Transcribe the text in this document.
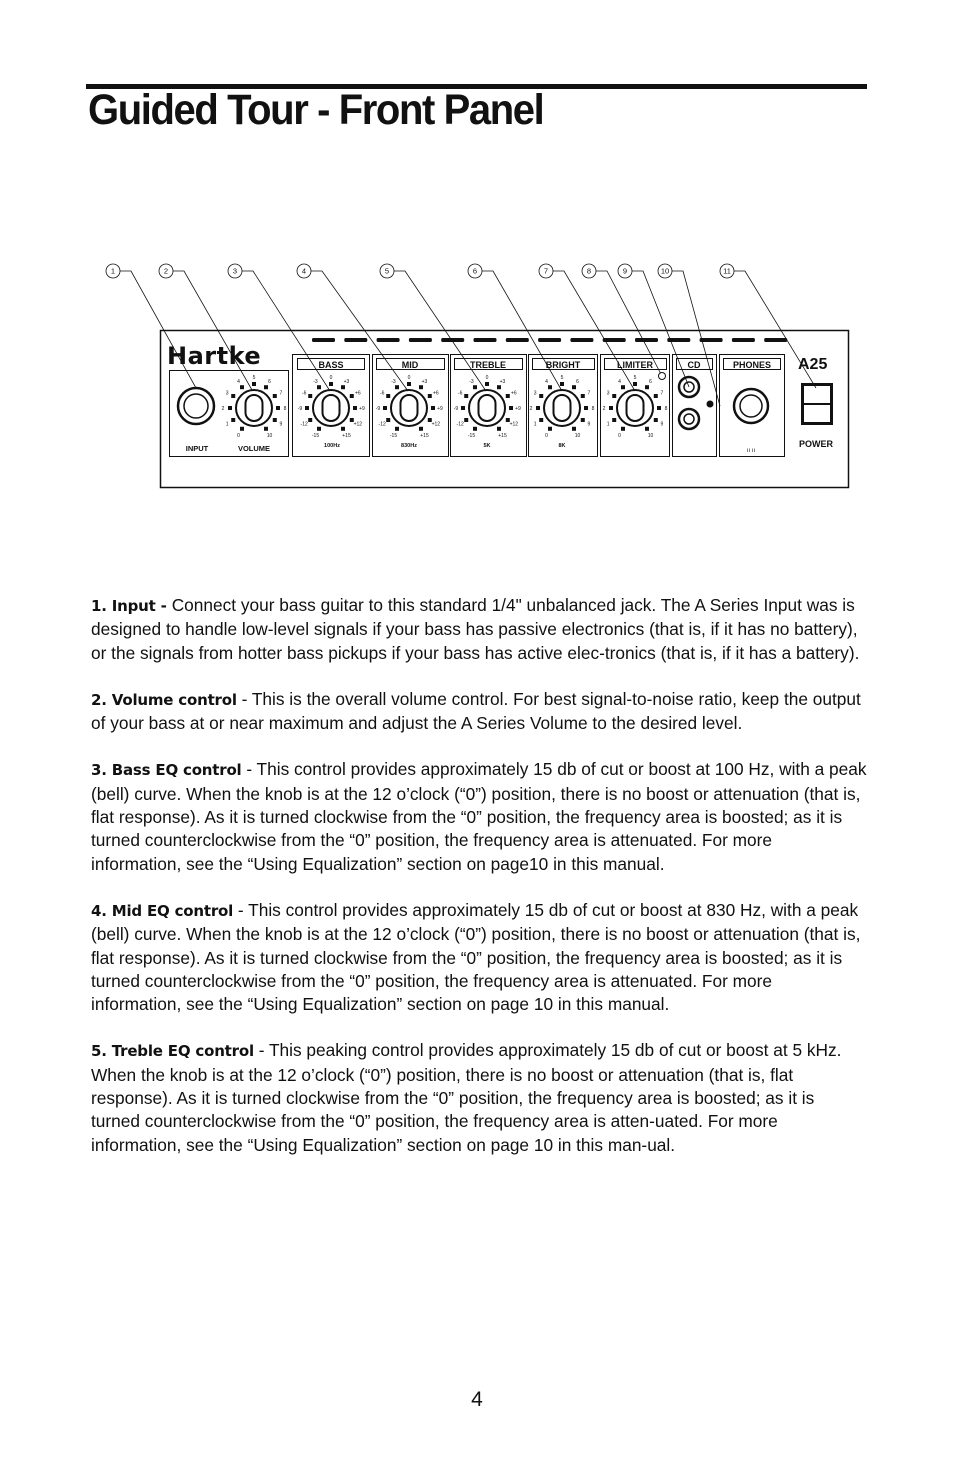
Guided Tour - Front Panel
1	2	3	4	5	6	7	8	9	10	11
Hartke
INPUT	VOLUME
BASS	MID	TREBLE	BRIGHT	LIMITER	CD	PHONES
100Hz	830Hz	5K	8K
0
1
2
3
4
5
6
7
8
9
10	-15
-12
-9
-6
-3
0
+3
+6
+9
+12
+15	-15
-12
-9
-6
-3
0
+3
+6
+9
+12
+15	-15
-12
-9
-6
-3
0
+3
+6
+9
+12
+15	0
1
2
3
4
5
6
7
8
9
10	0
1
2
3
4
5
6
7
8
9
10
ıı ıı
A25
POWER

1. Input - Connect your bass guitar to this standard 1/4" unbalanced jack. The A Series Input was is designed to handle low-level signals if your bass has passive electronics (that is, if it has no battery), or the signals from hotter bass pickups if your bass has active elec-tronics (that is, if it has a battery).

2. Volume control - This is the overall volume control. For best signal-to-noise ratio, keep the output of your bass at or near maximum and adjust the A Series Volume to the desired level.

3. Bass EQ control - This control provides approximately 15 db of cut or boost at 100 Hz, with a peak (bell) curve. When the knob is at the 12 o’clock (“0”) position, there is no boost or attenuation (that is, flat response). As it is turned clockwise from the “0” position, the frequency area is boosted; as it is turned counterclockwise from the “0” position, the frequency area is attenuated. For more information, see the “Using Equalization” section on page10 in this manual.

4. Mid EQ control - This control provides approximately 15 db of cut or boost at 830 Hz, with a peak (bell) curve. When the knob is at the 12 o’clock (“0”) position, there is no boost or attenuation (that is, flat response). As it is turned clockwise from the “0” position, the frequency area is boosted; as it is turned counterclockwise from the “0” position, the frequency area is attenuated. For more information, see the “Using Equalization” section on page 10 in this manual.

5. Treble EQ control - This peaking control provides approximately 15 db of cut or boost at 5 kHz. When the knob is at the 12 o’clock (“0”) position, there is no boost or attenuation (that is, flat response). As it is turned clockwise from the “0” position, the frequency area is boosted; as it is turned counterclockwise from the “0” position, the frequency area is atten-uated. For more information, see the “Using Equalization” section on page 10 in this man-ual.

4
